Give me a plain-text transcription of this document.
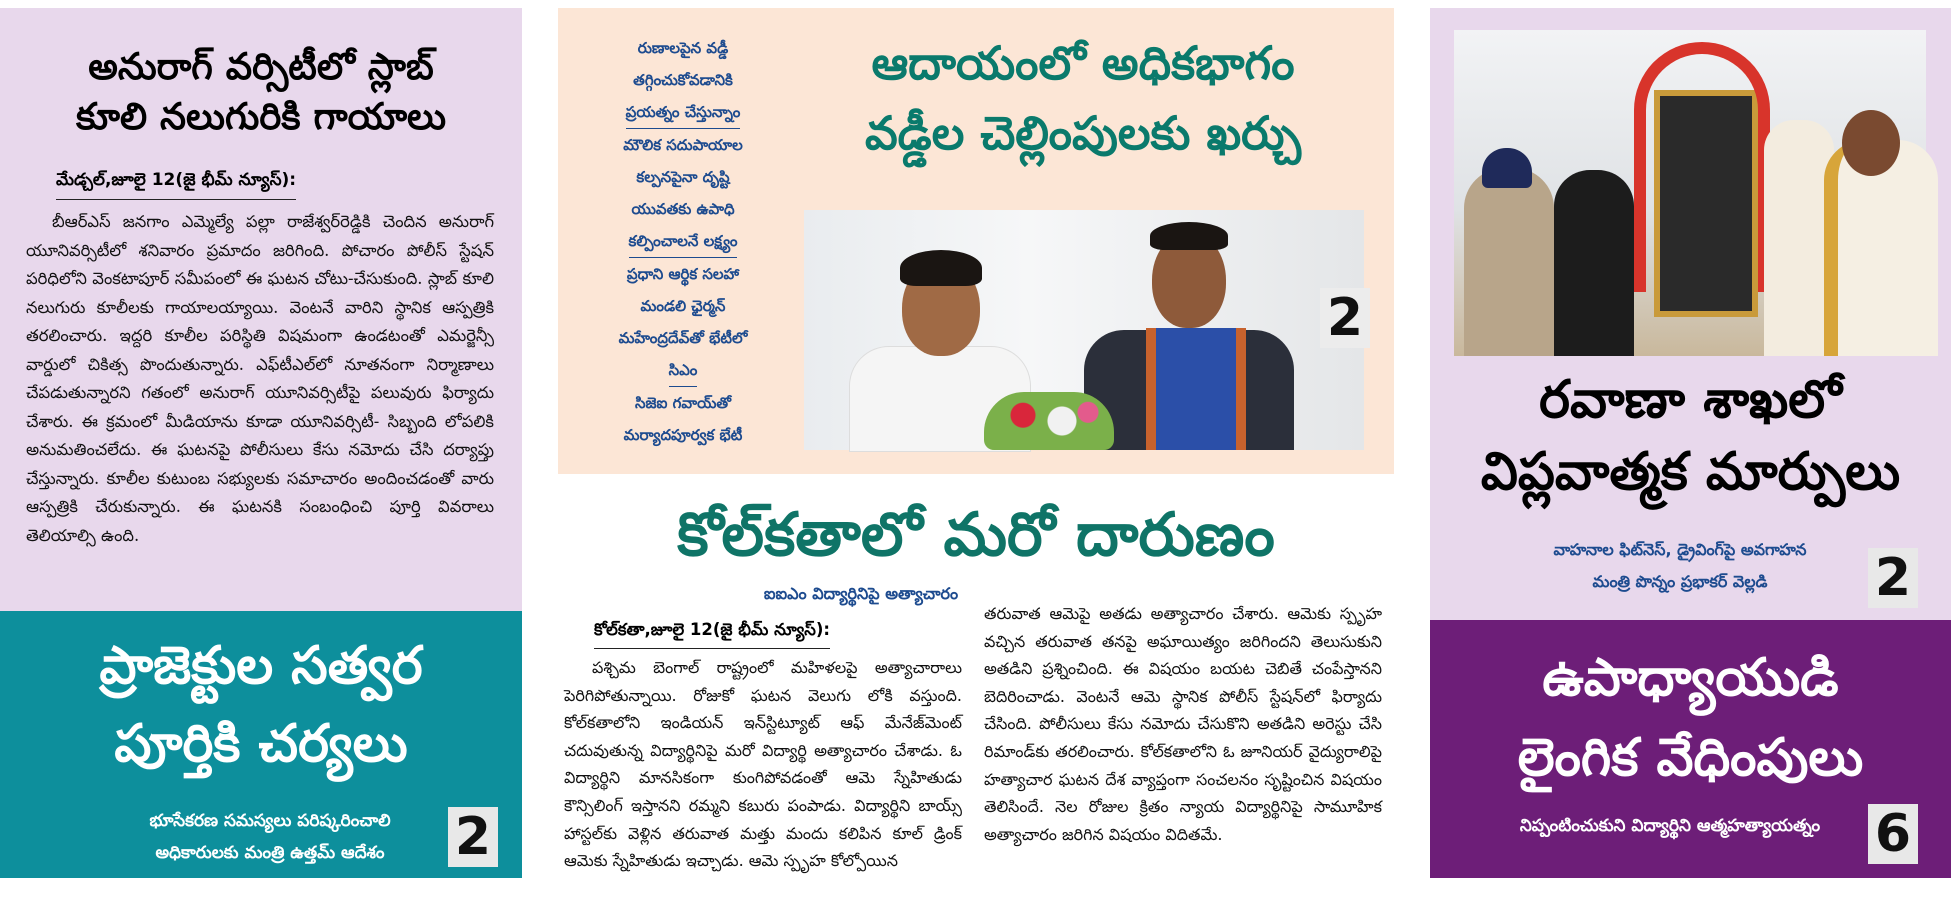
అనురాగ్ వర్సిటీలో స్లాబ్
కూలి నలుగురికి గాయాలు
మేడ్చల్,జూలై 12(జై భీమ్ న్యూస్):
బీఆర్ఎస్ జనగాం ఎమ్మెల్యే పల్లా రాజేశ్వర్‌రెడ్డికి చెందిన అనురాగ్ యూనివర్సిటీలో శనివారం ప్రమాదం జరిగింది. పోచారం పోలీస్ స్టేషన్ పరిధిలోని వెంకటాపూర్ సమీపంలో ఈ ఘటన చోటు-చేసుకుంది. స్లాబ్ కూలి నలుగురు కూలీలకు గాయాలయ్యాయి. వెంటనే వారిని స్థానిక ఆస్పత్రికి తరలించారు. ఇద్దరి కూలీల పరిస్థితి విషమంగా ఉండటంతో ఎమర్జెన్సీ వార్డులో చికిత్స పొందుతున్నారు. ఎఫ్‌టీఎల్‌లో నూతనంగా నిర్మాణాలు చేపడుతున్నారని గతంలో అనురాగ్ యూనివర్సిటీపై పలువురు ఫిర్యాదు చేశారు. ఈ క్రమంలో మీడియాను కూడా యూనివర్సిటీ- సిబ్బంది లోపలికి అనుమతించలేదు. ఈ ఘటనపై పోలీసులు కేసు నమోదు చేసి దర్యాప్తు చేస్తున్నారు. కూలీల కుటుంబ సభ్యులకు సమాచారం అందించడంతో వారు ఆస్పత్రికి చేరుకున్నారు. ఈ ఘటనకి సంబంధించి పూర్తి వివరాలు తెలియాల్సి ఉంది.
ప్రాజెక్టుల సత్వర
పూర్తికి చర్యలు
భూసేకరణ సమస్యలు పరిష్కరించాలి
అధికారులకు మంత్రి ఉత్తమ్ ఆదేశం	2
రుణాలపైన వడ్డీ
తగ్గించుకోవడానికి
ప్రయత్నం చేస్తున్నాం
మౌలిక సదుపాయాల
కల్పనపైనా దృష్టి
యువతకు ఉపాధి
కల్పించాలనే లక్ష్యం
ప్రధాని ఆర్థిక సలహా
మండలి ఛైర్మన్
మహేంద్రదేవ్‌తో భేటీలో
సిఎం
సిజెఐ గవాయ్‌తో
మర్యాదపూర్వక భేటీ
ఆదాయంలో అధికభాగం
వడ్డీల చెల్లింపులకు ఖర్చు
2
కోల్‌కతాలో మరో దారుణం
ఐఐఎం విద్యార్థినిపై అత్యాచారం
కోల్‌కతా,జూలై 12(జై భీమ్ న్యూస్):
పశ్చిమ బెంగాల్ రాష్ట్రంలో మహిళలపై అత్యాచారాలు పెరిగిపోతున్నాయి. రోజుకో ఘటన వెలుగు లోకి వస్తుంది. కోల్‌కతాలోని ఇండియన్ ఇన్‌స్టిట్యూట్ ఆఫ్ మేనేజ్‌మెంట్ చదువుతున్న విద్యార్థినిపై మరో విద్యార్థి అత్యాచారం చేశాడు. ఓ విద్యార్థిని మానసికంగా కుంగిపోవడంతో ఆమె స్నేహితుడు కౌన్సిలింగ్ ఇస్తానని రమ్మని కబురు పంపాడు. విద్యార్థిని బాయ్స్ హాస్టల్‌కు వెళ్లిన తరువాత మత్తు మందు కలిపిన కూల్ డ్రింక్ ఆమెకు స్నేహితుడు ఇచ్చాడు. ఆమె స్పృహ కోల్పోయిన
తరువాత ఆమెపై అతడు అత్యాచారం చేశారు. ఆమెకు స్పృహ వచ్చిన తరువాత తనపై అఘాయిత్యం జరిగిందని తెలుసుకుని అతడిని ప్రశ్నించింది. ఈ విషయం బయట చెబితే చంపేస్తానని బెదిరించాడు. వెంటనే ఆమె స్థానిక పోలీస్ స్టేషన్‌లో ఫిర్యాదు చేసింది. పోలీసులు కేసు నమోదు చేసుకొని అతడిని అరెస్టు చేసి రిమాండ్‌కు తరలించారు. కోల్‌కతాలోని ఓ జూనియర్ వైద్యురాలిపై హత్యాచార ఘటన దేశ వ్యాప్తంగా సంచలనం సృష్టించిన విషయం తెలిసిందే. నెల రోజుల క్రితం న్యాయ విద్యార్థినిపై సామూహిక అత్యాచారం జరిగిన విషయం విదితమే.
రవాణా శాఖలో
విప్లవాత్మక మార్పులు
వాహనాల ఫిట్‌నెస్, డ్రైవింగ్‌పై అవగాహన
మంత్రి పొన్నం ప్రభాకర్ వెల్లడి	2
ఉపాధ్యాయుడి
లైంగిక వేధింపులు
నిప్పంటించుకుని విద్యార్థిని ఆత్మహత్యాయత్నం	6
